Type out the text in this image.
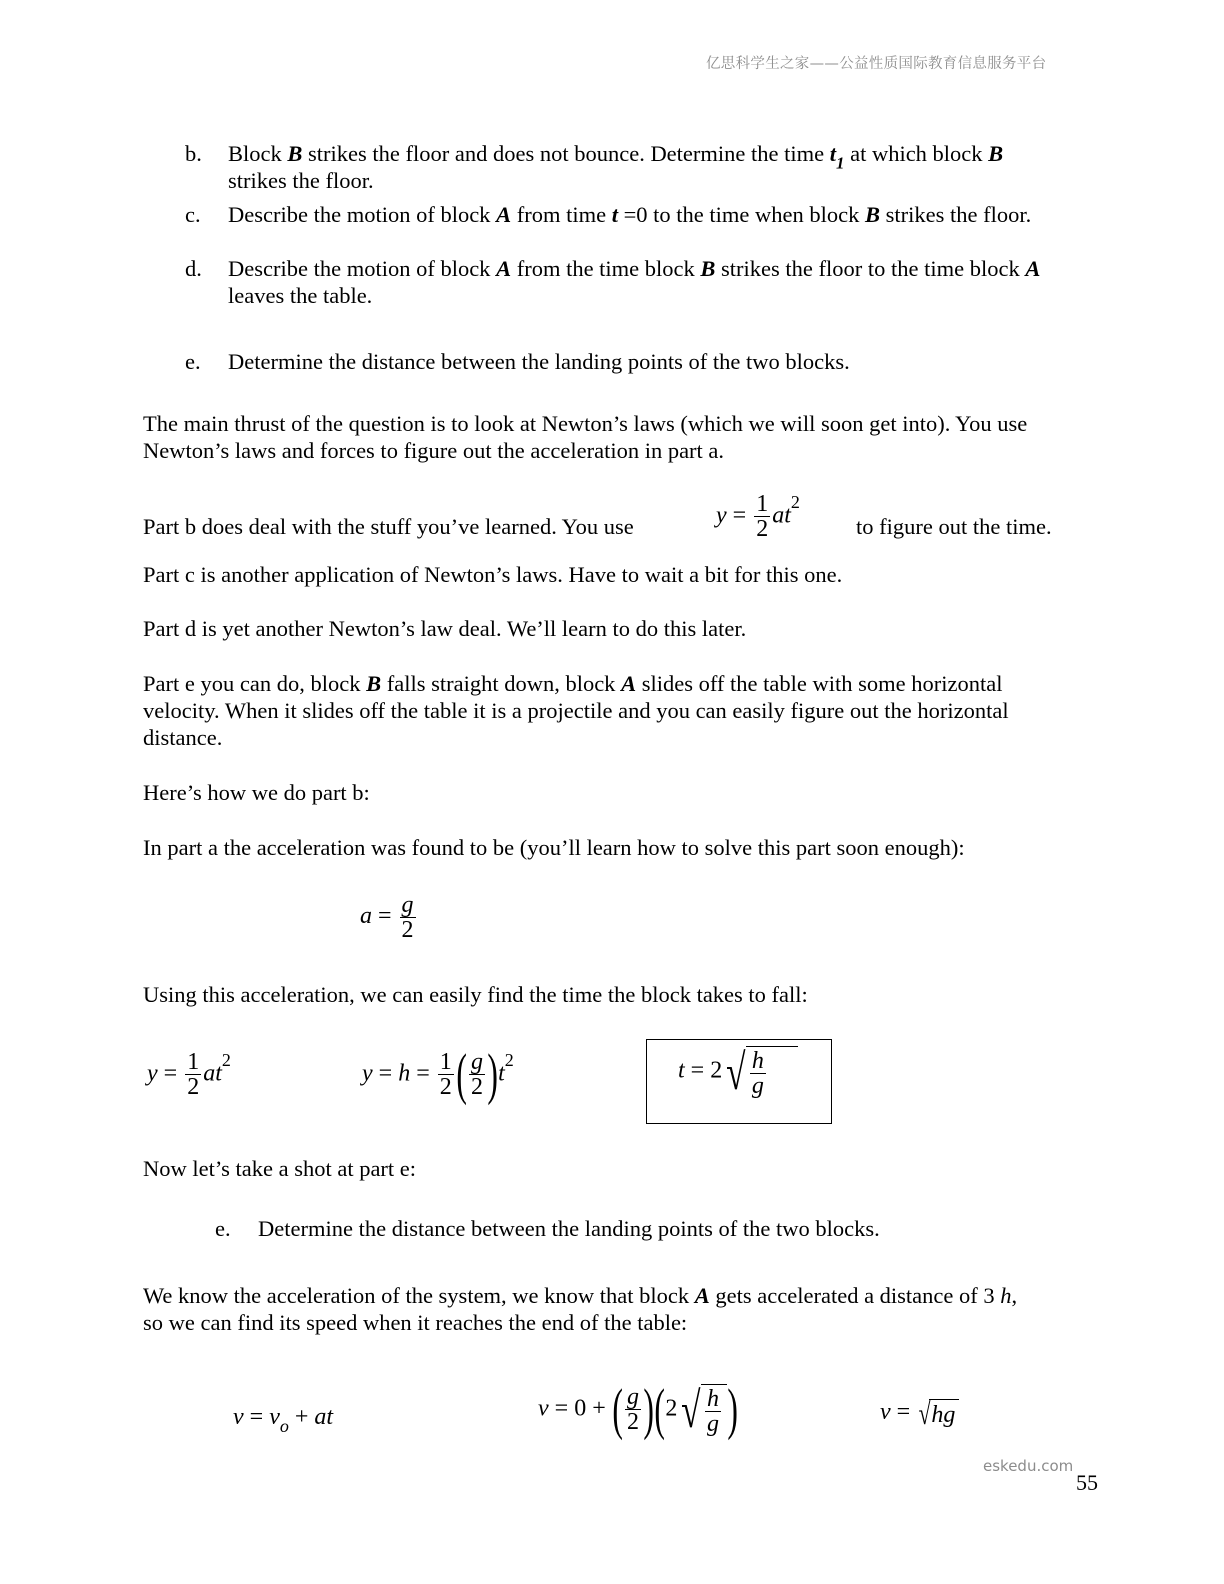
亿思科学生之家——公益性质国际教育信息服务平台
b. Block B strikes the floor and does not bounce. Determine the time $t_1$ at which block B
strikes the floor.
c. Describe the motion of block A from time t =0 to the time when block B strikes the floor.
d. Describe the motion of block A from the time block B strikes the floor to the time block A
leaves the table.
e. Determine the distance between the landing points of the two blocks.
The main thrust of the question is to look at Newton’s laws (which we will soon get into). You use
Newton’s laws and forces to figure out the acceleration in part a.
Part b does deal with the stuff you’ve learned. You use	$y = \frac{1}{2} at^2$
to figure out the time.
Part c is another application of Newton’s laws. Have to wait a bit for this one.
Part d is yet another Newton’s law deal. We’ll learn to do this later.
Part e you can do, block B falls straight down, block A slides off the table with some horizontal
velocity. When it slides off the table it is a projectile and you can easily figure out the horizontal
distance.
Here’s how we do part b:
In part a the acceleration was found to be (you’ll learn how to solve this part soon enough):
$a = \frac{g}{2}$
Using this acceleration, we can easily find the time the block takes to fall:
$y = \frac{1}{2} at^2$
$y = h = \frac{1}{2}$ ( $\frac{g}{2} )t^2$	$t = 2√ \frac{h}{g}$
Now let’s take a shot at part e:
e. Determine the distance between the landing points of the two blocks.
We know the acceleration of the system, we know that block A gets accelerated a distance of 3 h,
so we can find its speed when it reaches the end of the table:
$v = v_o$ + at	v = 0 + ( $\frac{g}{2} )(2√ \frac{h}{g}$ )	v = √hg
eskedu.com
55
